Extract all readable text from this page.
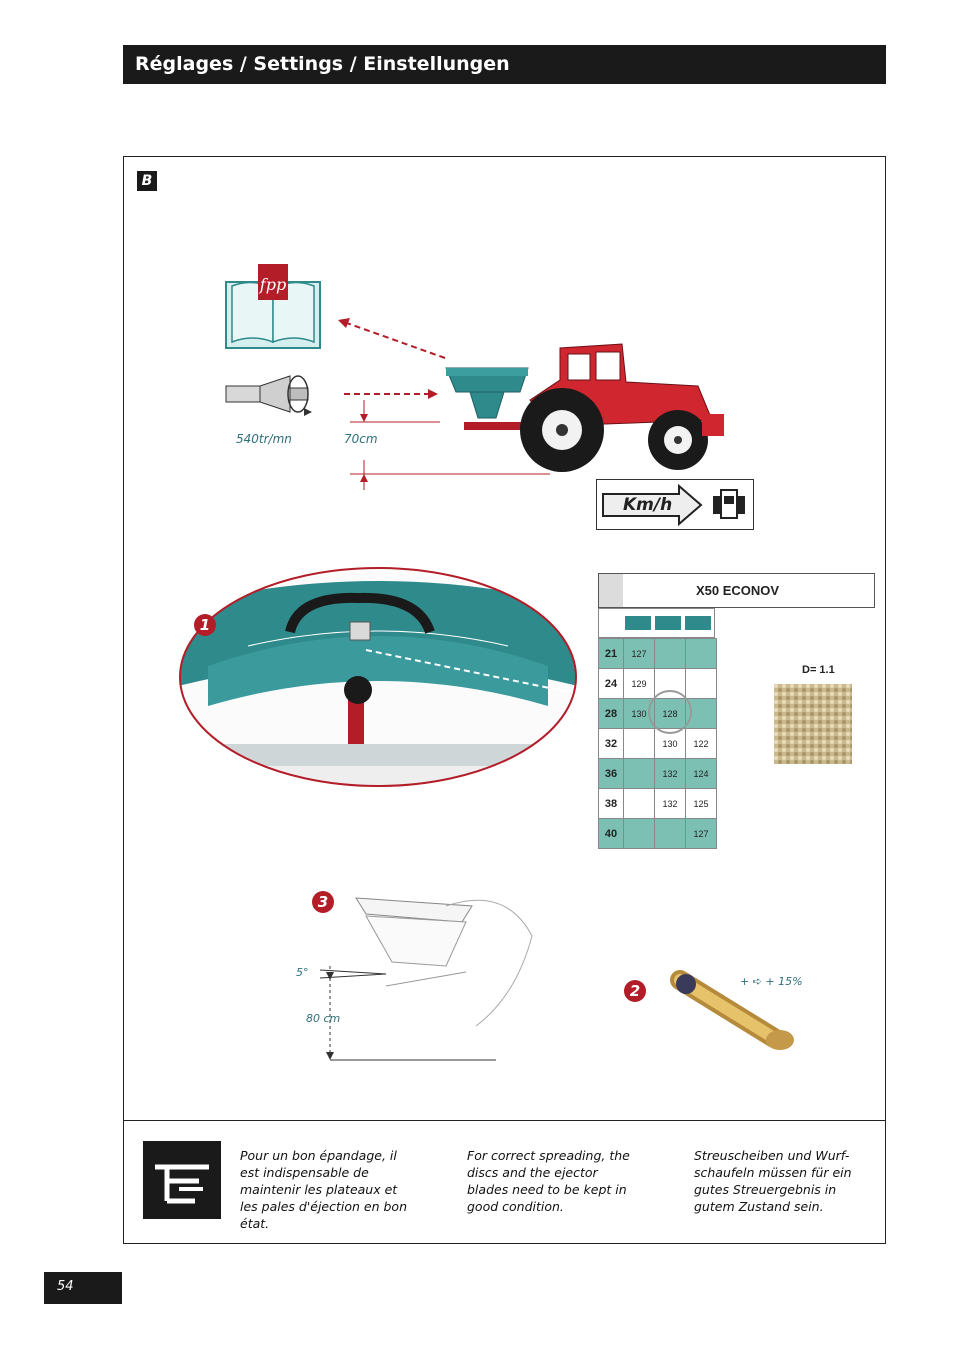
Réglages / Settings / Einstellungen
B
fpp
540tr/mn	70cm
Km/h
1
X50 ECONOV
21	127		
24	129		
28	130	128	
32		130	122
36		132	124
38		132	125
40			127
D= 1.1
3
5°
80 cm
2
+ ➪ + 15%
Pour un bon épandage, il est indispensable de maintenir les plateaux et les pales d'éjection en bon état.
For correct spreading, the discs and the ejector blades need to be kept in good condition.
Streuscheiben und Wurf-schaufeln müssen für ein gutes Streuergebnis in gutem Zustand sein.
54
